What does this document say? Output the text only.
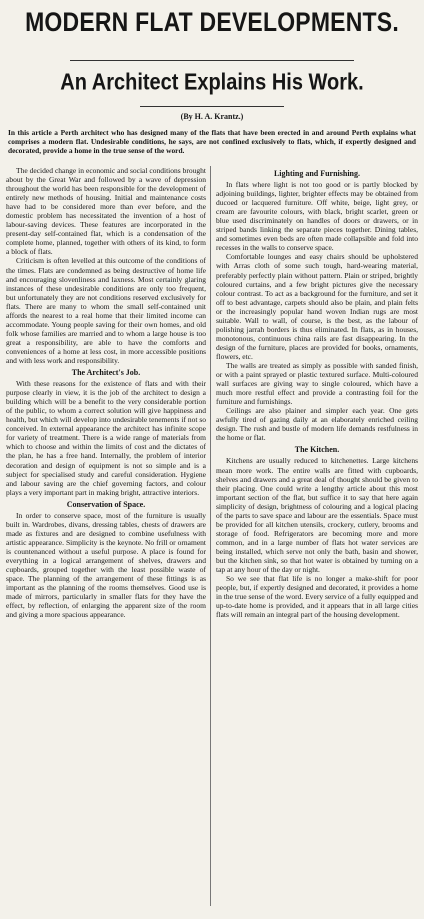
MODERN FLAT DEVELOPMENTS.
An Architect Explains His Work.
(By H. A. Krantz.)
In this article a Perth architect who has designed many of the flats that have been erected in and around Perth explains what comprises a modern flat. Undesirable conditions, he says, are not confined exclusively to flats, which, if expertly designed and decorated, provide a home in the true sense of the word.

The decided change in economic and social conditions brought about by the Great War and followed by a wave of depression throughout the world has been responsible for the development of entirely new methods of housing. Initial and maintenance costs have had to be considered more than ever before, and the domestic problem has necessitated the invention of a host of labour-saving devices. These features are incorporated in the present-day self-contained flat, which is a condensation of the complete home, planned, together with others of its kind, to form a block of flats.

Criticism is often levelled at this outcome of the conditions of the times. Flats are condemned as being destructive of home life and encouraging slovenliness and laxness. Most certainly glaring instances of these undesirable conditions are only too frequent, but unfortunately they are not conditions reserved exclusively for flats. There are many to whom the small self-contained unit affords the nearest to a real home that their limited income can accommodate. Young people saving for their own homes, and old folk whose families are married and to whom a large house is too great a responsibility, are able to have the comforts and conveniences of a home at less cost, in more accessible positions and with less work and responsibility.

The Architect's Job.

With these reasons for the existence of flats and with their purpose clearly in view, it is the job of the architect to design a building which will be a benefit to the very considerable portion of the public, to whom a correct solution will give happiness and health, but which will develop into undesirable tenements if not so conceived. In external appearance the architect has infinite scope for variety of treatment. There is a wide range of materials from which to choose and within the limits of cost and the dictates of the plan, he has a free hand. Internally, the problem of interior decoration and design of equipment is not so simple and is a subject for specialised study and careful consideration. Hygiene and labour saving are the chief governing factors, and colour plays a very important part in making bright, attractive interiors.

Conservation of Space.

In order to conserve space, most of the furniture is usually built in. Wardrobes, divans, dressing tables, chests of drawers are made as fixtures and are designed to combine usefulness with artistic appearance. Simplicity is the keynote. No frill or ornament is countenanced without a useful purpose. A place is found for everything in a logical arrangement of shelves, drawers and cupboards, grouped together with the least possible waste of space. The planning of the arrangement of these fittings is as important as the planning of the rooms themselves. Good use is made of mirrors, particularly in smaller flats for they have the effect, by reflection, of enlarging the apparent size of the room and giving a more spacious appearance.

Lighting and Furnishing.

In flats where light is not too good or is partly blocked by adjoining buildings, lighter, brighter effects may be obtained from ducoed or lacquered furniture. Off white, beige, light grey, or cream are favourite colours, with black, bright scarlet, green or blue used discriminately on handles of doors or drawers, or in striped bands linking the separate pieces together. Dining tables, and sometimes even beds are often made collapsible and fold into recesses in the walls to conserve space.

Comfortable lounges and easy chairs should be upholstered with Arras cloth of some such tough, hard-wearing material, preferably perfectly plain without pattern. Plain or striped, brightly coloured curtains, and a few bright pictures give the necessary colour contrast. To act as a background for the furniture, and set it off to best advantage, carpets should also be plain, and plain felts or the increasingly popular hand woven Indian rugs are most suitable. Wall to wall, of course, is the best, as the labour of polishing jarrah borders is thus eliminated. In flats, as in houses, monotonous, continuous china rails are fast disappearing. In the design of the furniture, places are provided for books, ornaments, flowers, etc.

The walls are treated as simply as possible with sanded finish, or with a paint sprayed or plastic textured surface. Multi-coloured wall surfaces are giving way to single coloured, which have a much more restful effect and provide a contrasting foil for the furniture and furnishings.

Ceilings are also plainer and simpler each year. One gets awfully tired of gazing daily at an elaborately enriched ceiling design. The rush and bustle of modern life demands restfulness in the home or flat.

The Kitchen.

Kitchens are usually reduced to kitchenettes. Large kitchens mean more work. The entire walls are fitted with cupboards, shelves and drawers and a great deal of thought should be given to their placing. One could write a lengthy article about this most important section of the flat, but suffice it to say that here again simplicity of design, brightness of colouring and a logical placing of the parts to save space and labour are the essentials. Space must be provided for all kitchen utensils, crockery, cutlery, brooms and storage of food. Refrigerators are becoming more and more common, and in a large number of flats hot water services are being installed, which serve not only the bath, basin and shower, but the kitchen sink, so that hot water is obtained by turning on a tap at any hour of the day or night.

So we see that flat life is no longer a make-shift for poor people, but, if expertly designed and decorated, it provides a home in the true sense of the word. Every service of a fully equipped and up-to-date home is provided, and it appears that in all large cities flats will remain an integral part of the housing development.
